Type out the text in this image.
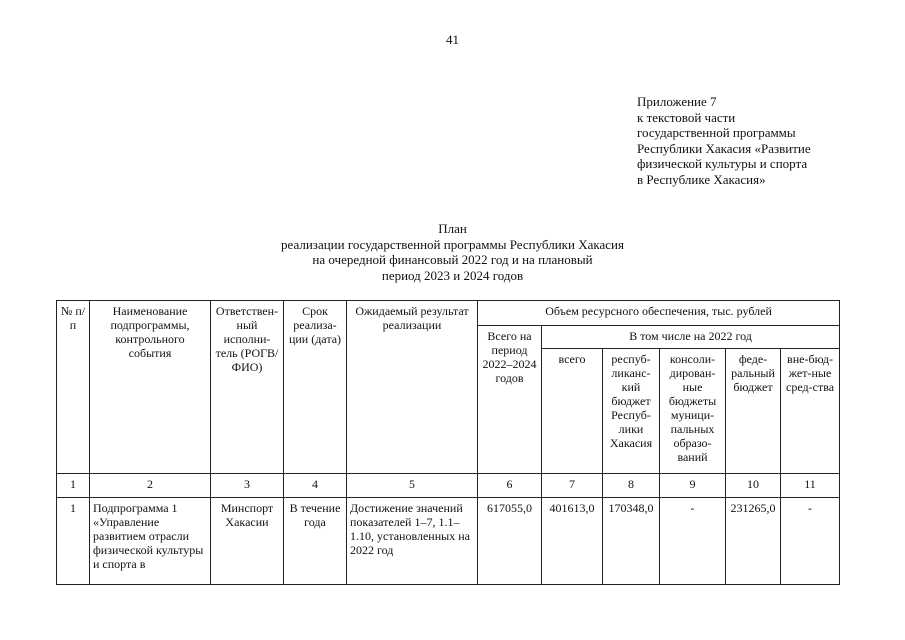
41
Приложение 7
к текстовой части
государственной программы
Республики Хакасия «Развитие
физической культуры и спорта
в Республике Хакасия»
План
реализации государственной программы Республики Хакасия
на очередной финансовый 2022 год и на плановый
период 2023 и 2024 годов
№ п/п	Наименование подпрограммы, контрольного события	Ответствен-ный исполни-тель (РОГВ/ ФИО)	Срок реализа-ции (дата)	Ожидаемый результат реализации	Объем ресурсного обеспечения, тыс. рублей					
					Всего на период 2022–2024 годов	В том числе на 2022 год				
						всего	респуб-ликанс-кий бюджет Респуб-лики Хакасия	консоли-дирован-ные бюджеты муници-пальных образо-ваний	феде-ральный бюджет	вне-бюд-жет-ные сред-ства
1	2	3	4	5	6	7	8	9	10	11
1	Подпрограмма 1 «Управление развитием отрасли физической культуры и спорта в	Минспорт Хакасии	В течение года	Достижение значений показателей 1–7, 1.1–1.10, установленных на 2022 год	617055,0	401613,0	170348,0	-	231265,0	-
